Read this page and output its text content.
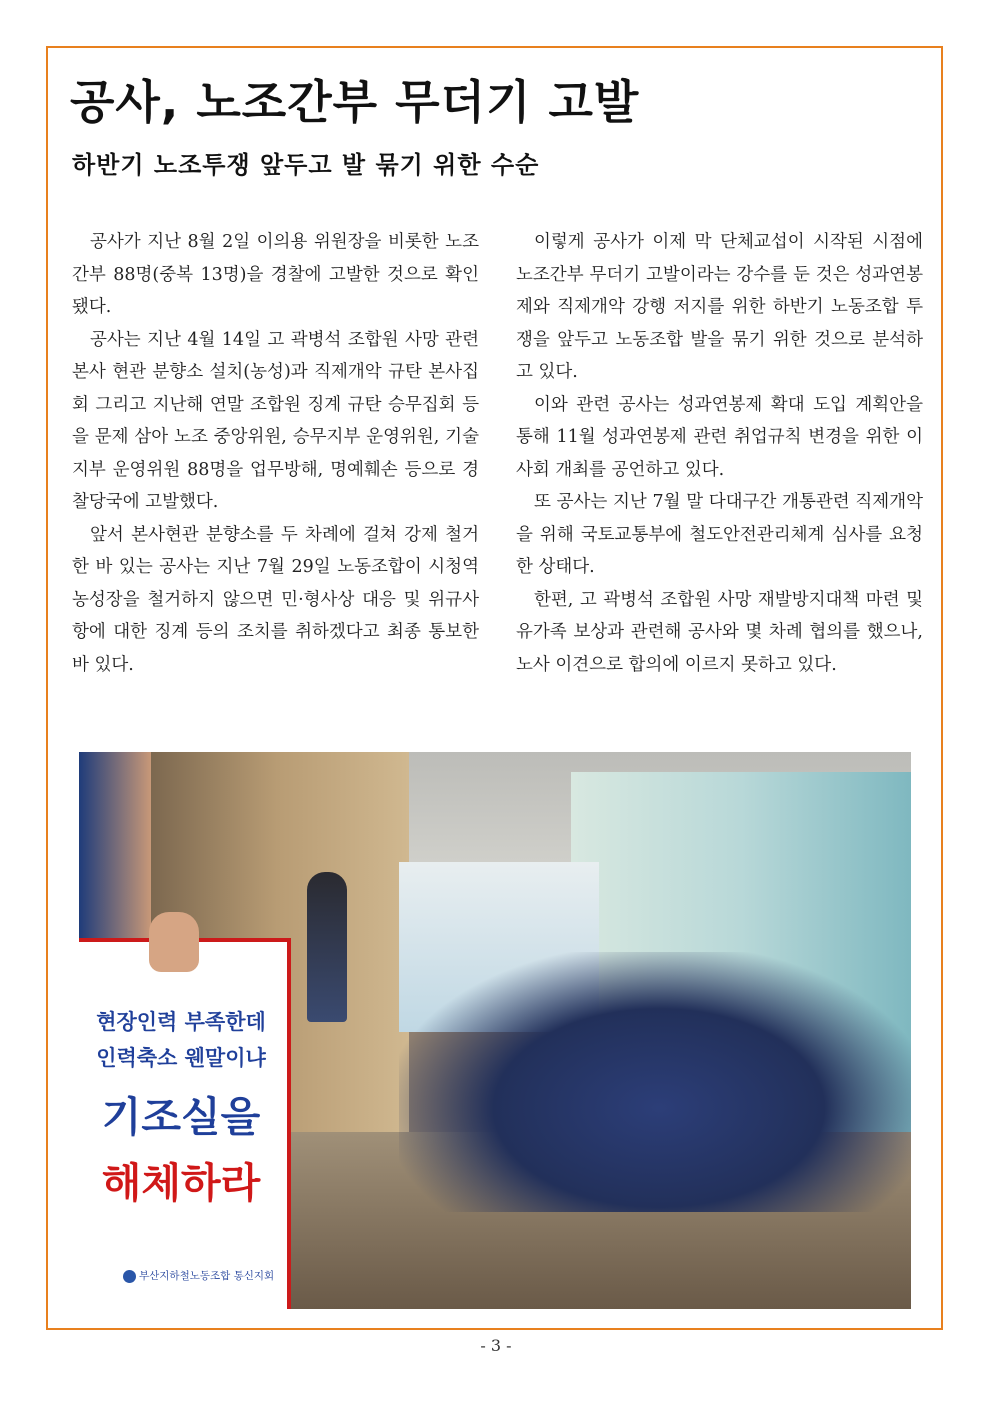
공사, 노조간부 무더기 고발
하반기 노조투쟁 앞두고 발 묶기 위한 수순

공사가 지난 8월 2일 이의용 위원장을 비롯한 노조간부 88명(중복 13명)을 경찰에 고발한 것으로 확인됐다.

공사는 지난 4월 14일 고 곽병석 조합원 사망 관련 본사 현관 분향소 설치(농성)과 직제개악 규탄 본사집회 그리고 지난해 연말 조합원 징계 규탄 승무집회 등을 문제 삼아 노조 중앙위원, 승무지부 운영위원, 기술지부 운영위원 88명을 업무방해, 명예훼손 등으로 경찰당국에 고발했다.

앞서 본사현관 분향소를 두 차례에 걸쳐 강제 철거한 바 있는 공사는 지난 7월 29일 노동조합이 시청역 농성장을 철거하지 않으면 민·형사상 대응 및 위규사항에 대한 징계 등의 조치를 취하겠다고 최종 통보한 바 있다.

이렇게 공사가 이제 막 단체교섭이 시작된 시점에 노조간부 무더기 고발이라는 강수를 둔 것은 성과연봉제와 직제개악 강행 저지를 위한 하반기 노동조합 투쟁을 앞두고 노동조합 발을 묶기 위한 것으로 분석하고 있다.

이와 관련 공사는 성과연봉제 확대 도입 계획안을 통해 11월 성과연봉제 관련 취업규칙 변경을 위한 이사회 개최를 공언하고 있다.

또 공사는 지난 7월 말 다대구간 개통관련 직제개악을 위해 국토교통부에 철도안전관리체계 심사를 요청한 상태다.

한편, 고 곽병석 조합원 사망 재발방지대책 마련 및 유가족 보상과 관련해 공사와 몇 차례 협의를 했으나, 노사 이견으로 합의에 이르지 못하고 있다.

현장인력 부족한데
인력축소 웬말이냐
기조실을
해체하라
부산지하철노동조합 통신지회
- 3 -
